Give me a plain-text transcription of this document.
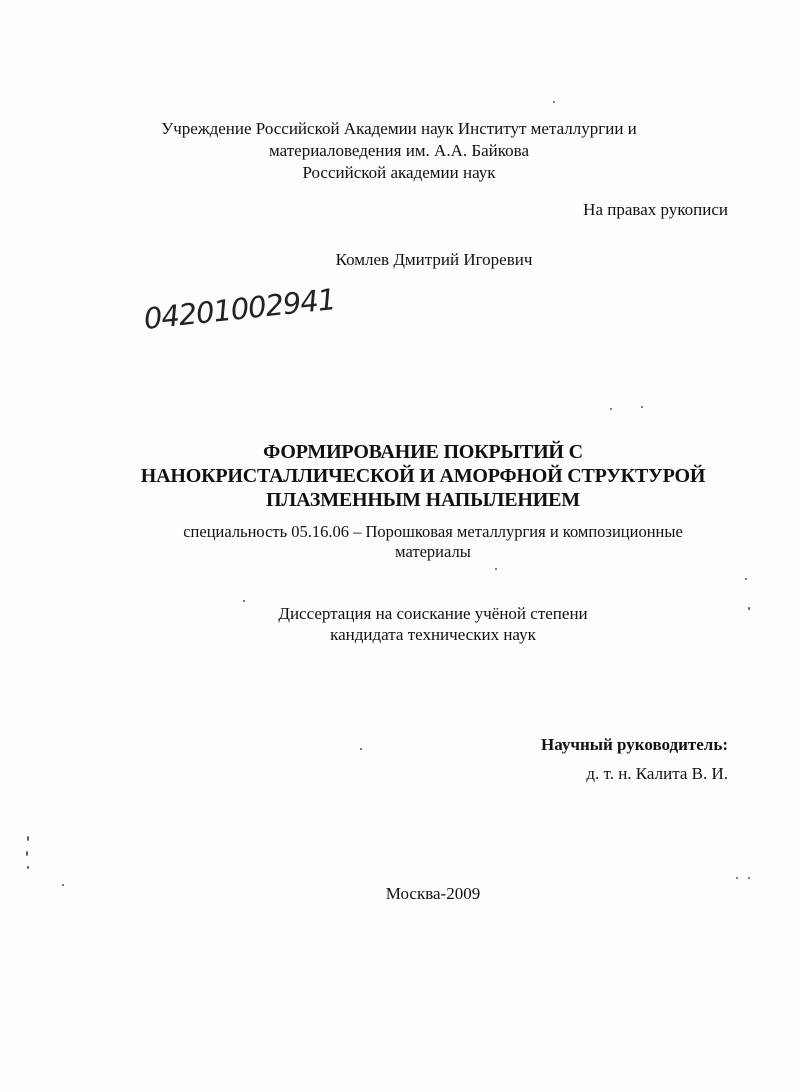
Учреждение Российской Академии наук Институт металлургии и
материаловедения им. А.А. Байкова
Российской академии наук
На правах рукописи
Комлев Дмитрий Игоревич
04201002941
ФОРМИРОВАНИЕ ПОКРЫТИЙ С
НАНОКРИСТАЛЛИЧЕСКОЙ И АМОРФНОЙ СТРУКТУРОЙ
ПЛАЗМЕННЫМ НАПЫЛЕНИЕМ
специальность 05.16.06 – Порошковая металлургия и композиционные
материалы
Диссертация на соискание учёной степени
кандидата технических наук
Научный руководитель:
д. т. н. Калита В. И.
Москва-2009
